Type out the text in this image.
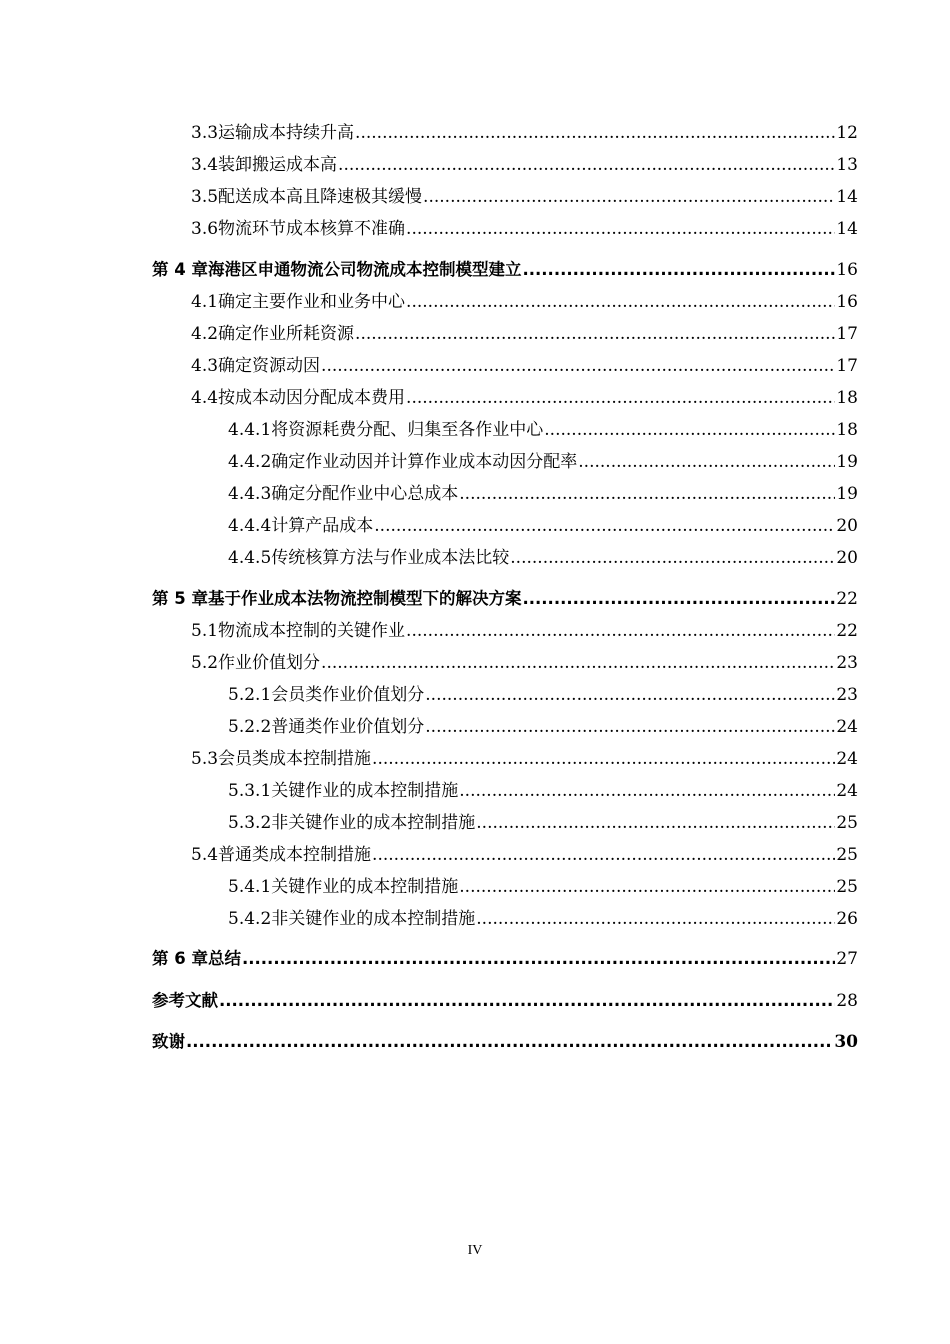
3.3 运输成本持续升高 .....	12
3.4 装卸搬运成本高 .....	13
3.5 配送成本高且降速极其缓慢 .....	14
3.6 物流环节成本核算不准确 .....	14
第 4 章 海港区申通物流公司物流成本控制模型建立 .....	16
4.1 确定主要作业和业务中心 .....	16
4.2 确定作业所耗资源 .....	17
4.3 确定资源动因 .....	17
4.4 按成本动因分配成本费用 .....	18
4.4.1 将资源耗费分配、归集至各作业中心 .....	18
4.4.2 确定作业动因并计算作业成本动因分配率 .....	19
4.4.3 确定分配作业中心总成本 .....	19
4.4.4 计算产品成本 .....	20
4.4.5 传统核算方法与作业成本法比较 .....	20
第 5 章 基于作业成本法物流控制模型下的解决方案 .....	22
5.1 物流成本控制的关键作业 .....	22
5.2 作业价值划分 .....	23
5.2.1 会员类作业价值划分 .....	23
5.2.2 普通类作业价值划分 .....	24
5.3 会员类成本控制措施 .....	24
5.3.1 关键作业的成本控制措施 .....	24
5.3.2 非关键作业的成本控制措施 .....	25
5.4 普通类成本控制措施 .....	25
5.4.1 关键作业的成本控制措施 .....	25
5.4.2 非关键作业的成本控制措施 .....	26
第 6 章 总结 .....	27
参考文献 .....	28
致谢 .....	30
IV
